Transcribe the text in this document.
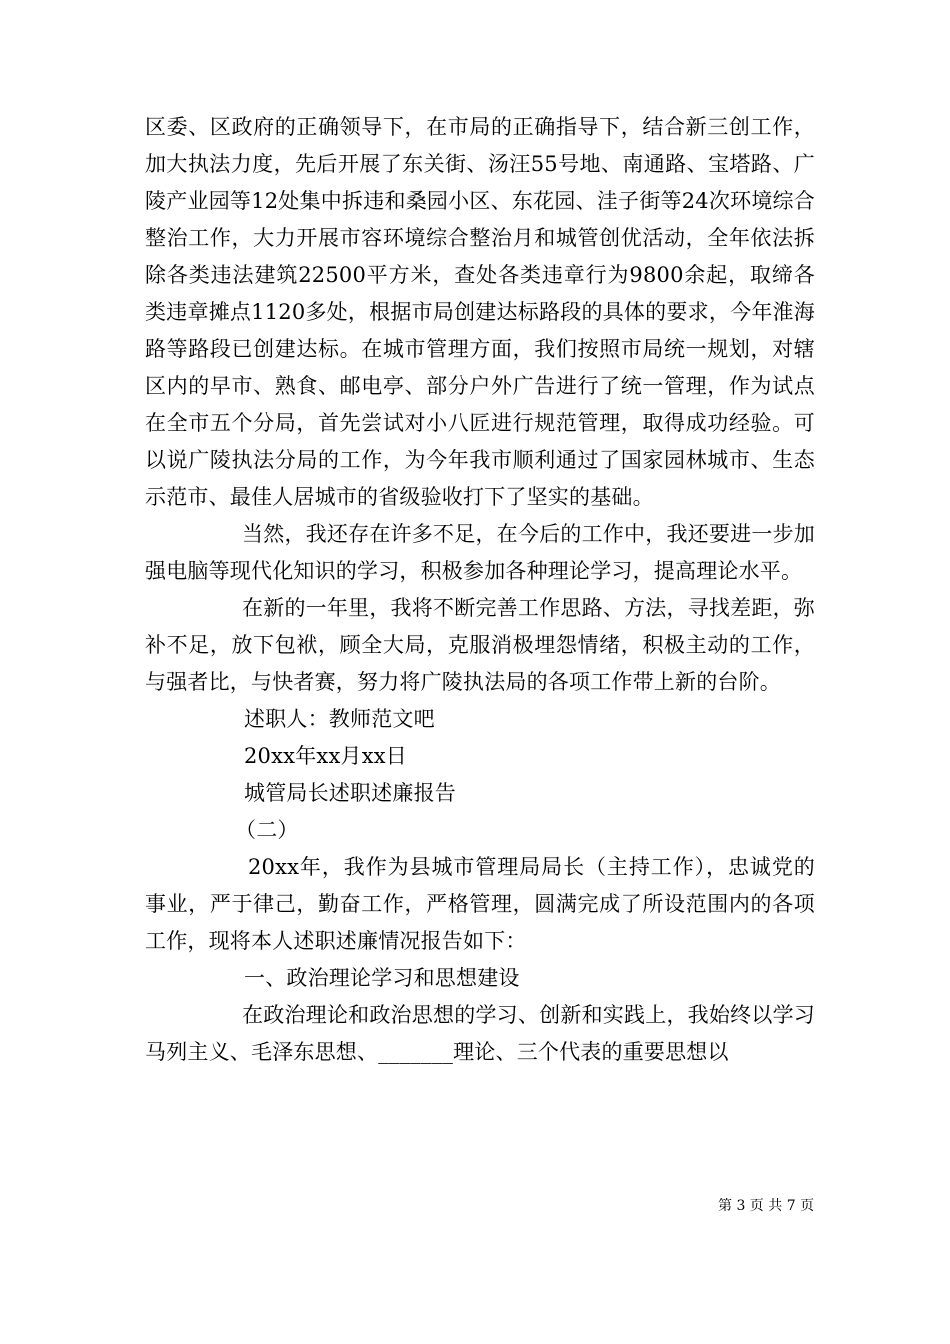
区委、区政府的正确领导下，在市局的正确指导下，结合新三创工作，加大执法力度，先后开展了东关街、汤汪55号地、南通路、宝塔路、广陵产业园等12处集中拆违和桑园小区、东花园、洼子街等24次环境综合整治工作，大力开展市容环境综合整治月和城管创优活动，全年依法拆除各类违法建筑22500平方米，查处各类违章行为9800余起，取缔各类违章摊点1120多处，根据市局创建达标路段的具体的要求，今年淮海路等路段已创建达标。在城市管理方面，我们按照市局统一规划，对辖区内的早市、熟食、邮电亭、部分户外广告进行了统一管理，作为试点在全市五个分局，首先尝试对小八匠进行规范管理，取得成功经验。可以说广陵执法分局的工作，为今年我市顺利通过了国家园林城市、生态示范市、最佳人居城市的省级验收打下了坚实的基础。

当然，我还存在许多不足，在今后的工作中，我还要进一步加强电脑等现代化知识的学习，积极参加各种理论学习，提高理论水平。

在新的一年里，我将不断完善工作思路、方法，寻找差距，弥补不足，放下包袱，顾全大局，克服消极埋怨情绪，积极主动的工作，与强者比，与快者赛，努力将广陵执法局的各项工作带上新的台阶。

述职人：教师范文吧

20xx年xx月xx日

城管局长述职述廉报告

（二）

20xx年，我作为县城市管理局局长（主持工作），忠诚党的事业，严于律己，勤奋工作，严格管理，圆满完成了所设范围内的各项工作，现将本人述职述廉情况报告如下：

一、政治理论学习和思想建设

在政治理论和政治思想的学习、创新和实践上，我始终以学习马列主义、毛泽东思想、_______理论、三个代表的重要思想以

第 3 页 共 7 页
